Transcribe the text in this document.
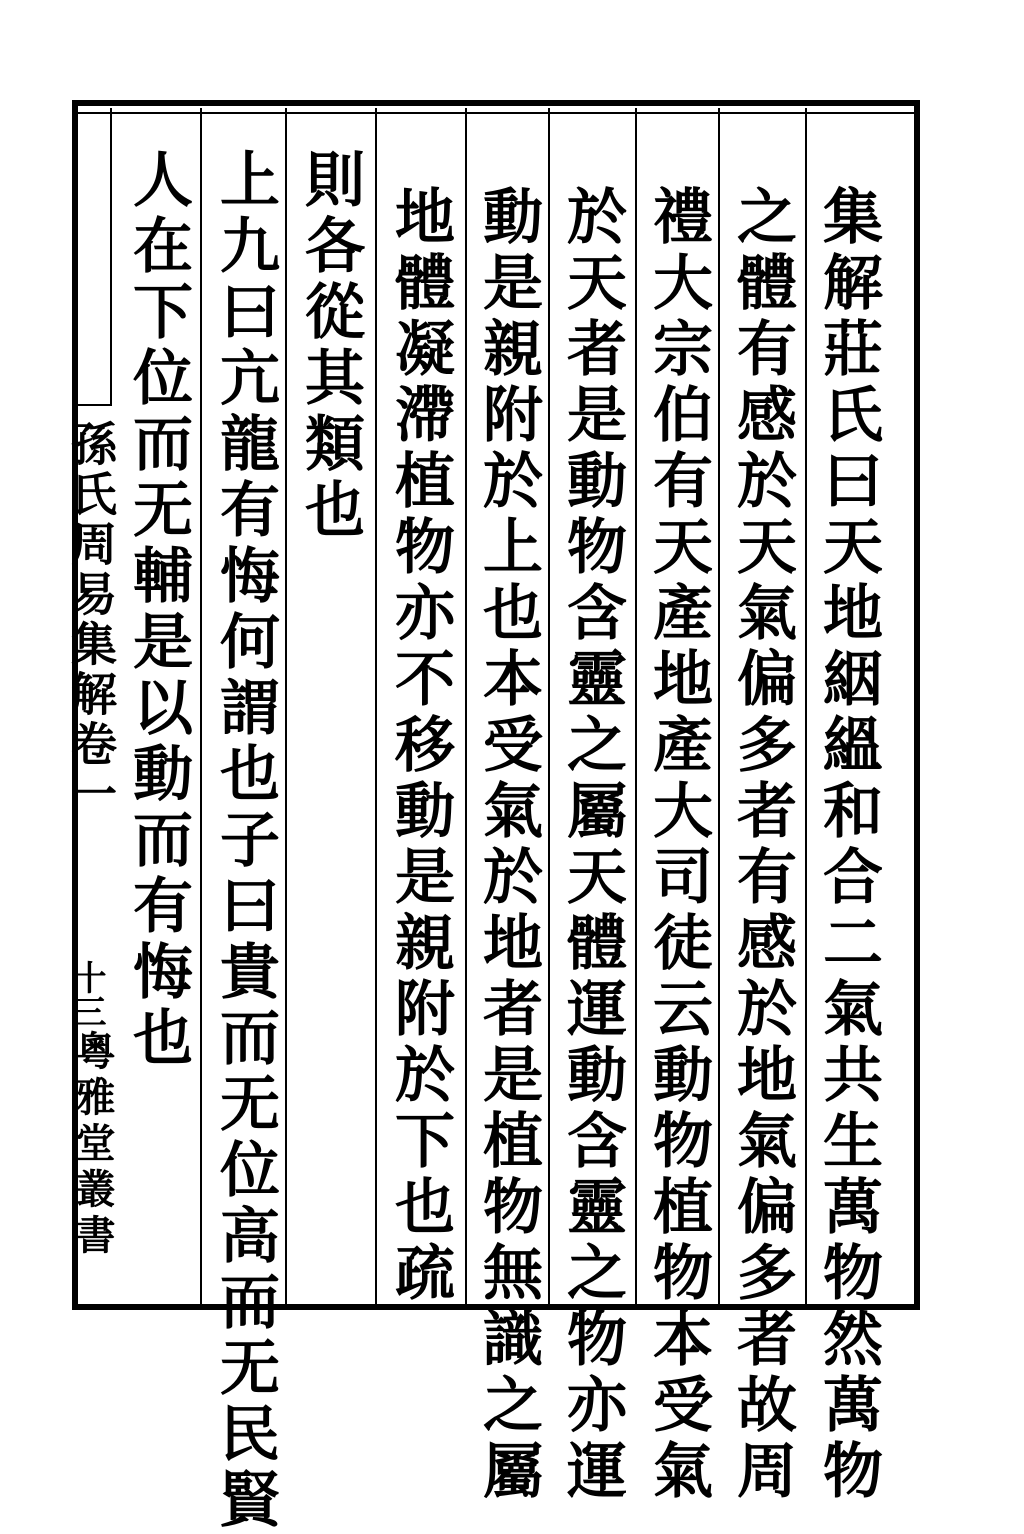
集解莊氏曰天地絪縕和合二氣共生萬物然萬物
之體有感於天氣偏多者有感於地氣偏多者故周
禮大宗伯有天產地產大司徒云動物植物本受氣
於天者是動物含靈之屬天體運動含靈之物亦運
動是親附於上也本受氣於地者是植物無識之屬
地體凝滯植物亦不移動是親附於下也疏
則各從其類也
上九曰亢龍有悔何謂也子曰貴而无位高而无民賢
人在下位而无輔是以動而有悔也
孫氏周易集解卷一
十三
粵雅堂叢書
